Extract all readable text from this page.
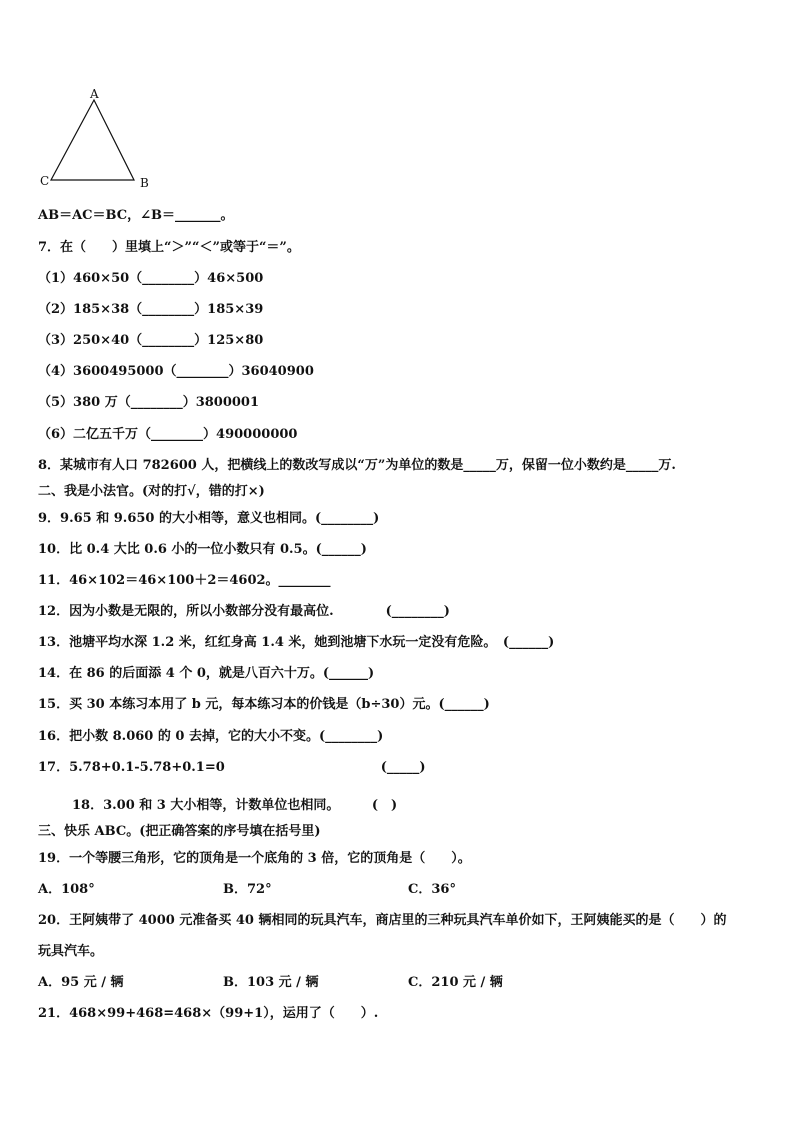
A
C	B
AB＝AC＝BC，∠B＝_______。
7．在（　　）里填上“＞”“＜”或等于“＝”。
（1）460×50（________）46×500
（2）185×38（________）185×39
（3）250×40（________）125×80
（4）3600495000（________）36040900
（5）380 万（________）3800001
（6）二亿五千万（________）490000000
8．某城市有人口 782600 人，把横线上的数改写成以“万”为单位的数是_____万，保留一位小数约是_____万.
二、我是小法官。(对的打√，错的打×)
9．9.65 和 9.650 的大小相等，意义也相同。(________)
10．比 0.4 大比 0.6 小的一位小数只有 0.5。(______)
11．46×102＝46×100＋2＝4602。________
12．因为小数是无限的，所以小数部分没有最高位.　　　　(________)
13．池塘平均水深 1.2 米，红红身高 1.4 米，她到池塘下水玩一定没有危险。　(______)
14．在 86 的后面添 4 个 0，就是八百六十万。(______)
15．买 30 本练习本用了 b 元，每本练习本的价钱是（b÷30）元。(______)
16．把小数 8.060 的 0 去掉，它的大小不变。(________)
17．5.78+0.1-5.78+0.1=0　　　　　　　　　　　　(_____)
18．3.00 和 3 大小相等，计数单位也相同。　　　(　)
三、快乐 ABC。(把正确答案的序号填在括号里)
19．一个等腰三角形，它的顶角是一个底角的 3 倍，它的顶角是（　　）。
A．108°	B．72°	C．36°
20．王阿姨带了 4000 元准备买 40 辆相同的玩具汽车，商店里的三种玩具汽车单价如下，王阿姨能买的是（　　）的
玩具汽车。
A．95 元 / 辆	B．103 元 / 辆	C．210 元 / 辆
21．468×99+468=468×（99+1），运用了（　　）.
